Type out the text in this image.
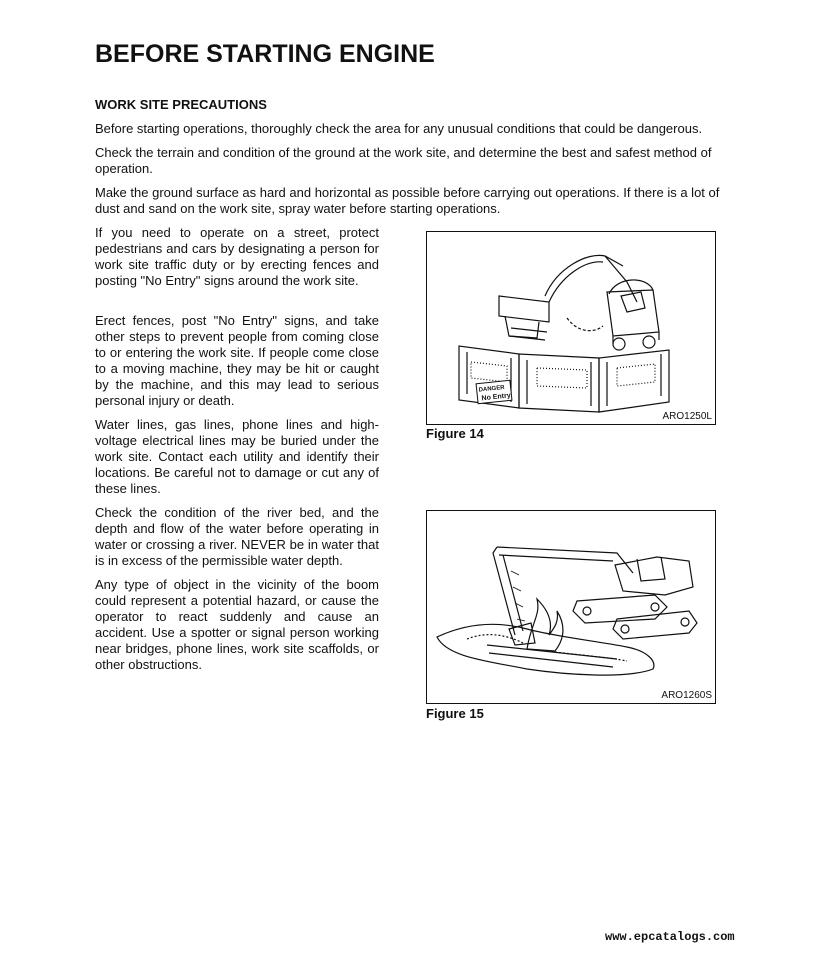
BEFORE STARTING ENGINE
WORK SITE PRECAUTIONS

Before starting operations, thoroughly check the area for any unusual conditions that could be dangerous.

Check the terrain and condition of the ground at the work site, and determine the best and safest method of operation.

Make the ground surface as hard and horizontal as possible before carrying out operations. If there is a lot of dust and sand on the work site, spray water before starting operations.

If you need to operate on a street, protect pedestrians and cars by designating a person for work site traffic duty or by erecting fences and posting "No Entry" signs around the work site.

Erect fences, post "No Entry" signs, and take other steps to prevent people from coming close to or entering the work site. If people come close to a moving machine, they may be hit or caught by the machine, and this may lead to serious personal injury or death.

Water lines, gas lines, phone lines and high-voltage electrical lines may be buried under the work site. Contact each utility and identify their locations. Be careful not to damage or cut any of these lines.

Check the condition of the river bed, and the depth and flow of the water before operating in water or crossing a river. NEVER be in water that is in excess of the permissible water depth.

Any type of object in the vicinity of the boom could represent a potential hazard, or cause the operator to react suddenly and cause an accident. Use a spotter or signal person working near bridges, phone lines, work site scaffolds, or other obstructions.

DANGER
No Entry
ARO1250L
Figure 14
ARO1260S
Figure 15
www.epcatalogs.com
